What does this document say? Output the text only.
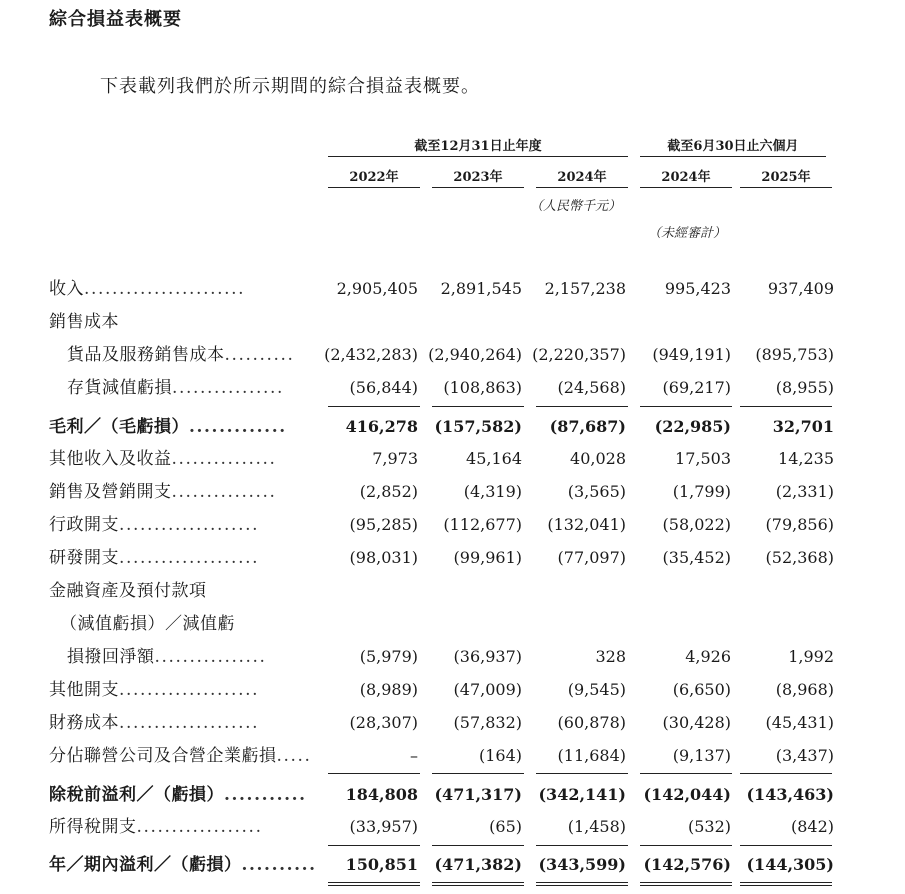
綜合損益表概要
下表載列我們於所示期間的綜合損益表概要。
截至12月31日止年度	截至6月30日止六個月
2022年	2023年	2024年	2024年	2025年
（人民幣千元）
（未經審計）
收入.......................	2,905,405	2,891,545	2,157,238	995,423	937,409
銷售成本
貨品及服務銷售成本..........	(2,432,283) (2,940,264) (2,220,357)	(949,191)	(895,753)
存貨減值虧損................	(56,844)	(108,863)	(24,568)	(69,217)	(8,955)
毛利／（毛虧損）.............	416,278	(157,582)	(87,687)	(22,985)	32,701
其他收入及收益...............	7,973	45,164	40,028	17,503	14,235
銷售及營銷開支...............	(2,852)	(4,319)	(3,565)	(1,799)	(2,331)
行政開支....................	(95,285)	(112,677)	(132,041)	(58,022)	(79,856)
研發開支....................	(98,031)	(99,961)	(77,097)	(35,452)	(52,368)
金融資產及預付款項
（減值虧損）／減值虧
損撥回淨額................	(5,979)	(36,937)	328	4,926	1,992
其他開支....................	(8,989)	(47,009)	(9,545)	(6,650)	(8,968)
財務成本....................	(28,307)	(57,832)	(60,878)	(30,428)	(45,431)
分佔聯營公司及合營企業虧損.....	–	(164)	(11,684)	(9,137)	(3,437)
除稅前溢利／（虧損）...........	184,808	(471,317)	(342,141)	(142,044) (143,463)
所得稅開支..................	(33,957)	(65)	(1,458)	(532)	(842)
年／期內溢利／（虧損）..........	150,851	(471,382)	(343,599)	(142,576) (144,305)
